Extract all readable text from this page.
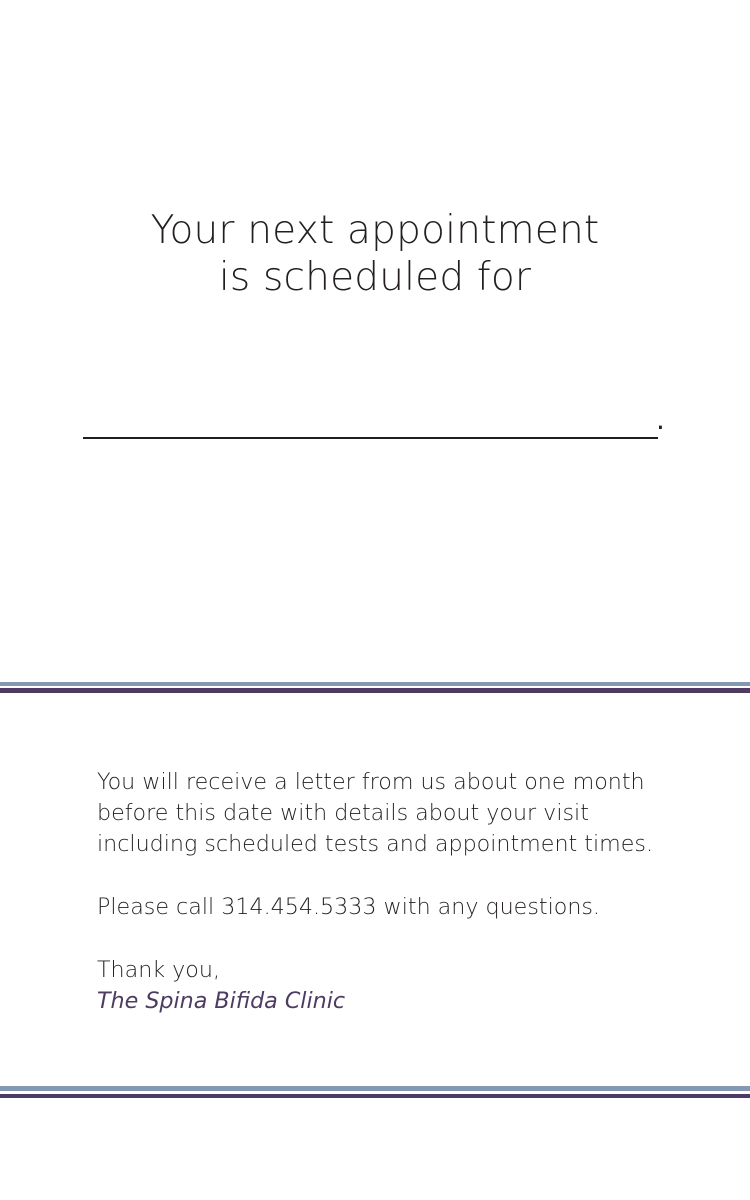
Your next appointment
is scheduled for
.

You will receive a letter from us about one month
before this date with details about your visit
including scheduled tests and appointment times.

Please call 314.454.5333 with any questions.

Thank you,
The Spina Bifida Clinic
